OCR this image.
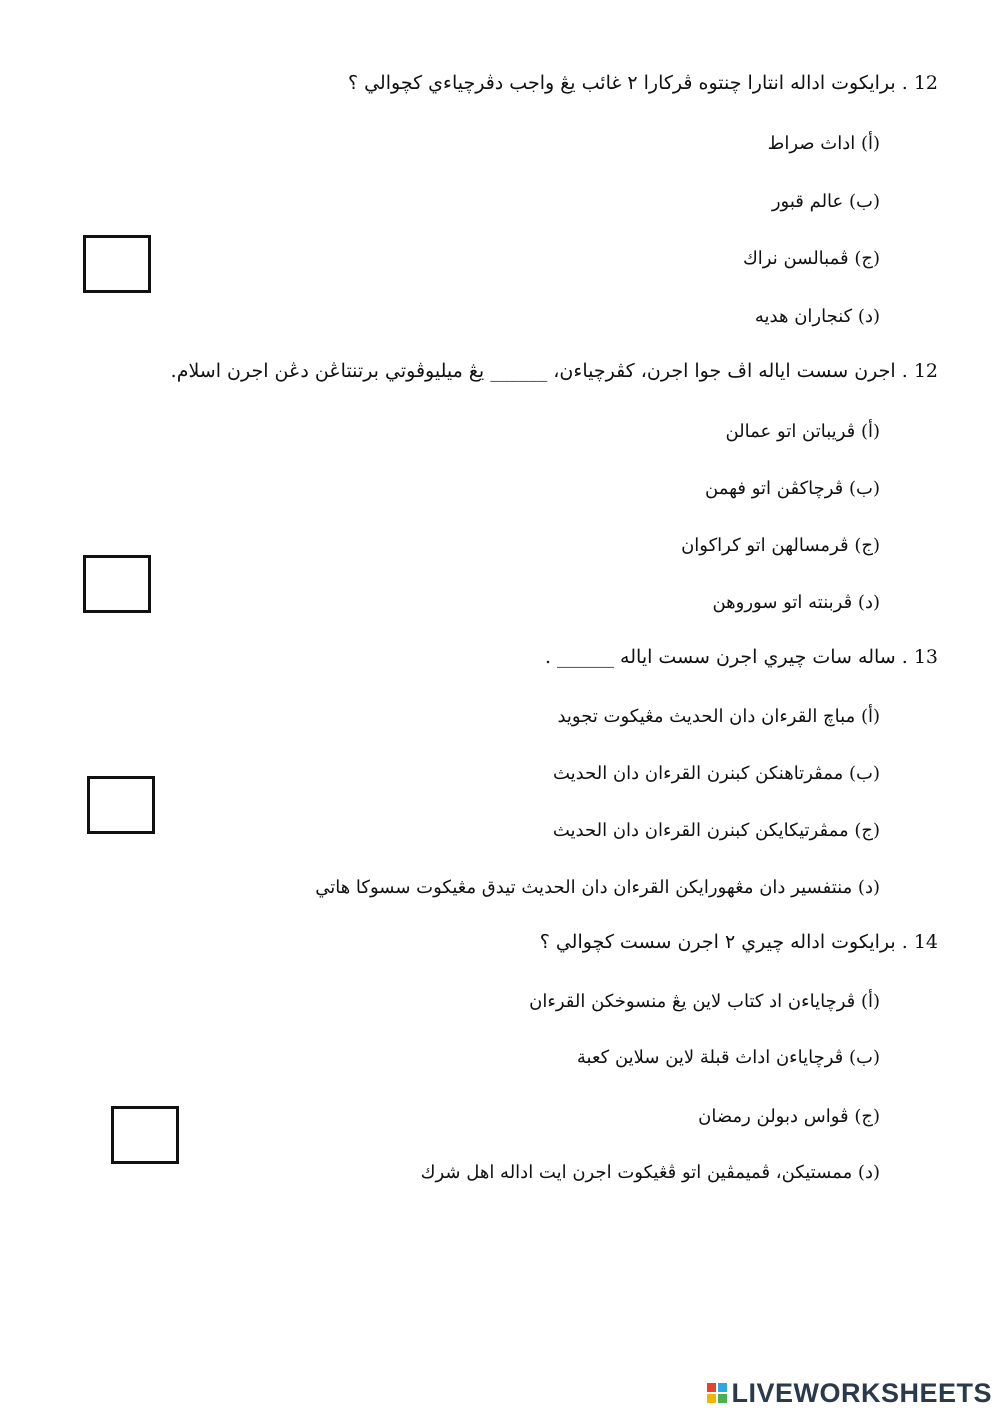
12 . برايكوت اداله انتارا چنتوه ڤركارا ٢ غائب يڠ واجب دڤرچياءي كچوالي ؟
(أ) اداث صراط
(ب) عالم قبور
(ج) ڤمبالسن نراك
(د) كنجاران هديه
12 . اجرن سست اياله اڤ جوا اجرن، كڤرچياءن، ______ يڠ ميليوڤوتي برتنتاڠن دڠن اجرن اسلام.
(أ) ڤريباتن اتو عمالن
(ب) ڤرچاكڤن اتو فهمن
(ج) ڤرمسالهن اتو كراكوان
(د) ڤربنته اتو سوروهن
13 . ساله سات چيري اجرن سست اياله ______ .
(أ) مباچ القرءان دان الحديث مڠيكوت تجويد
(ب) ممڤرتاهنكن كبنرن القرءان دان الحديث
(ج) ممڤرتيكايكن كبنرن القرءان دان الحديث
(د) منتفسير دان مڠهورايكن القرءان دان الحديث تيدق مڠيكوت سسوكا هاتي
14 . برايكوت اداله چيري ٢ اجرن سست كچوالي ؟
(أ) ڤرچاياءن اد كتاب لاين يڠ منسوخكن القرءان
(ب) ڤرچاياءن اداث قبلة لاين سلاين كعبة
(ج) ڤواس دبولن رمضان
(د) ممستيكن، ڤميمڤين اتو ڤڠيكوت اجرن ايت اداله اهل شرك
LIVEWORKSHEETS
